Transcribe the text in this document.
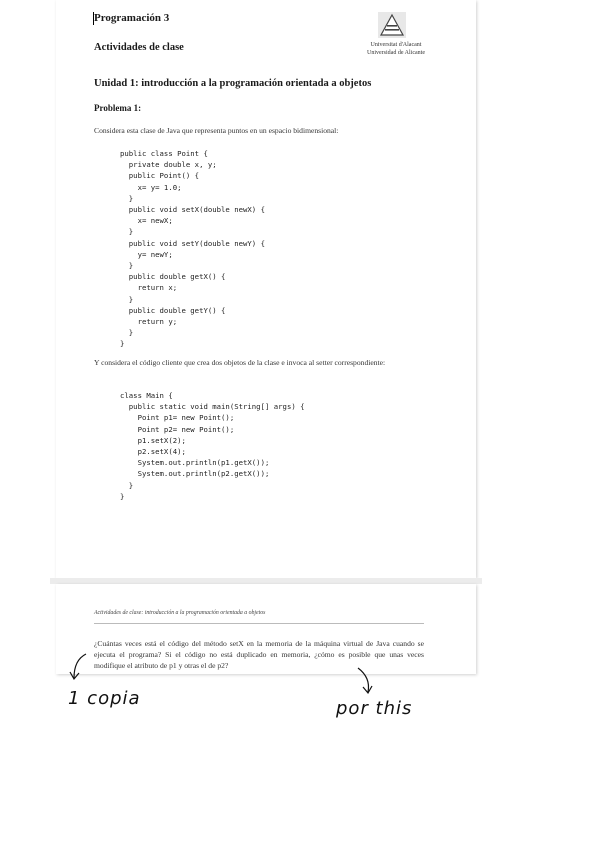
Programación 3
Actividades de clase	Universitat d'Alacant
Universidad de Alicante
Unidad 1: introducción a la programación orientada a objetos
Problema 1:
Considera esta clase de Java que representa puntos en un espacio bidimensional:
public class Point {
private double x, y;
public Point() {
x= y= 1.0;
}
public void setX(double newX) {
x= newX;
}
public void setY(double newY) {
y= newY;
}
public double getX() {
return x;
}
public double getY() {
return y;
}
}
Y considera el código cliente que crea dos objetos de la clase e invoca al setter correspondiente:
class Main {
public static void main(String[] args) {
Point p1= new Point();
Point p2= new Point();
p1.setX(2);
p2.setX(4);
System.out.println(p1.getX());
System.out.println(p2.getX());
}
}
Actividades de clase: introducción a la programación orientada a objetos
¿Cuántas veces está el código del método setX en la memoria de la máquina virtual de Java cuando se ejecuta el programa? Si el código no está duplicado en memoria, ¿cómo es posible que unas veces modifique el atributo de p1 y otras el de p2?
1 copia	por this
